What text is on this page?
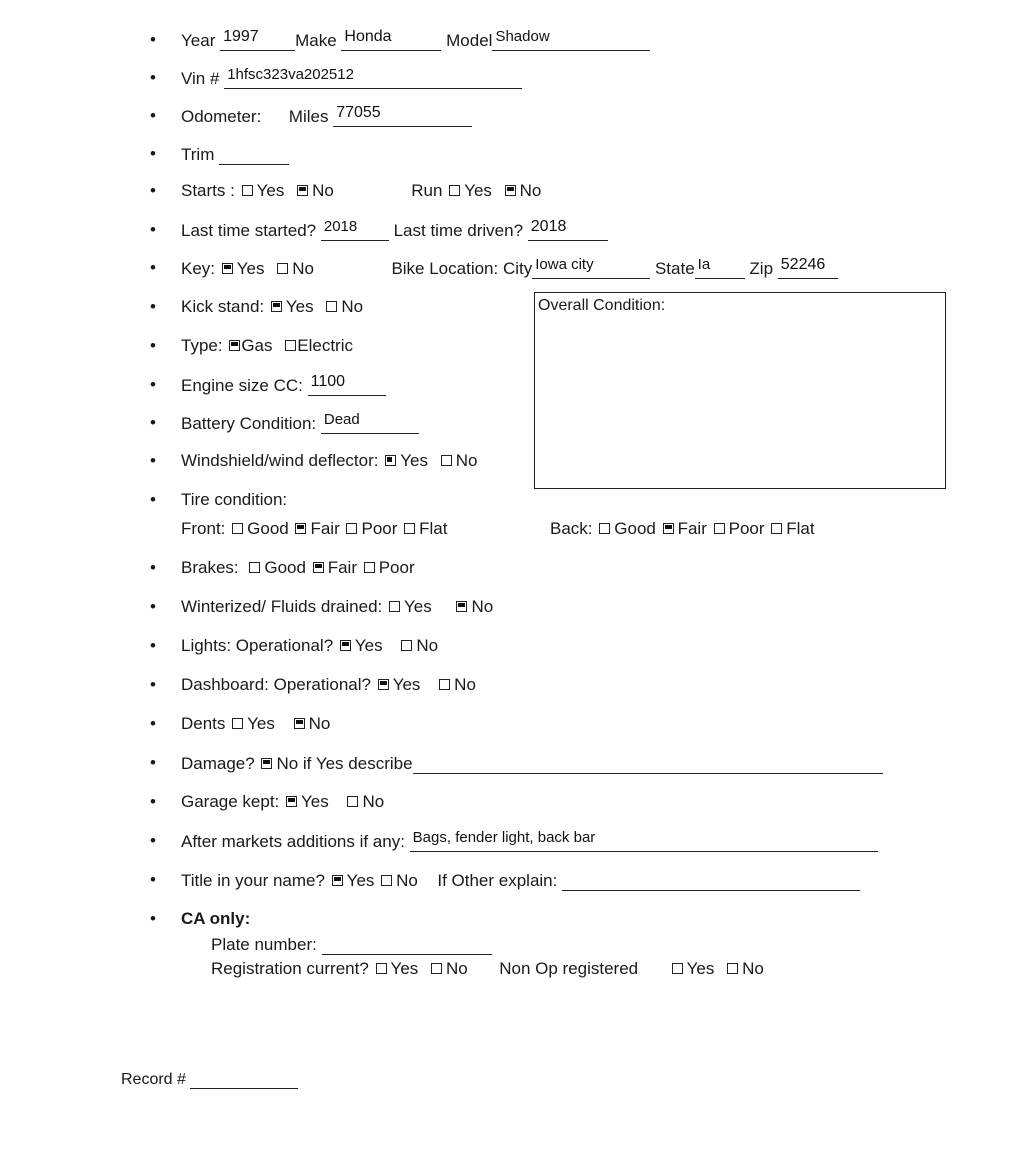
• Year 1997 Make Honda	Model Shadow
• Vin # 1hfsc323va202512
• Odometer: Miles 77055
• Trim
• Starts : Yes No	Run Yes No
• Last time started? 2018 Last time driven? 2018
• Key: Yes No	Bike Location: City Iowa city	State Ia Zip 52246
• Kick stand: Yes No	Overall Condition:
• Type: Gas Electric
• Engine size CC: 1100
• Battery Condition: Dead
• Windshield/wind deflector: Yes No
• Tire condition:
Front: Good Fair Poor Flat	Back: Good Fair Poor Flat
• Brakes: Good Fair Poor
• Winterized/ Fluids drained: Yes No
• Lights: Operational? Yes No
• Dashboard: Operational? Yes No
• Dents Yes No
• Damage? No if Yes describe
• Garage kept: Yes No
• After markets additions if any: Bags, fender light, back bar
• Title in your name? Yes No If Other explain:
• CA only:
Plate number:
Registration current? Yes No Non Op registered	Yes No
Record #
